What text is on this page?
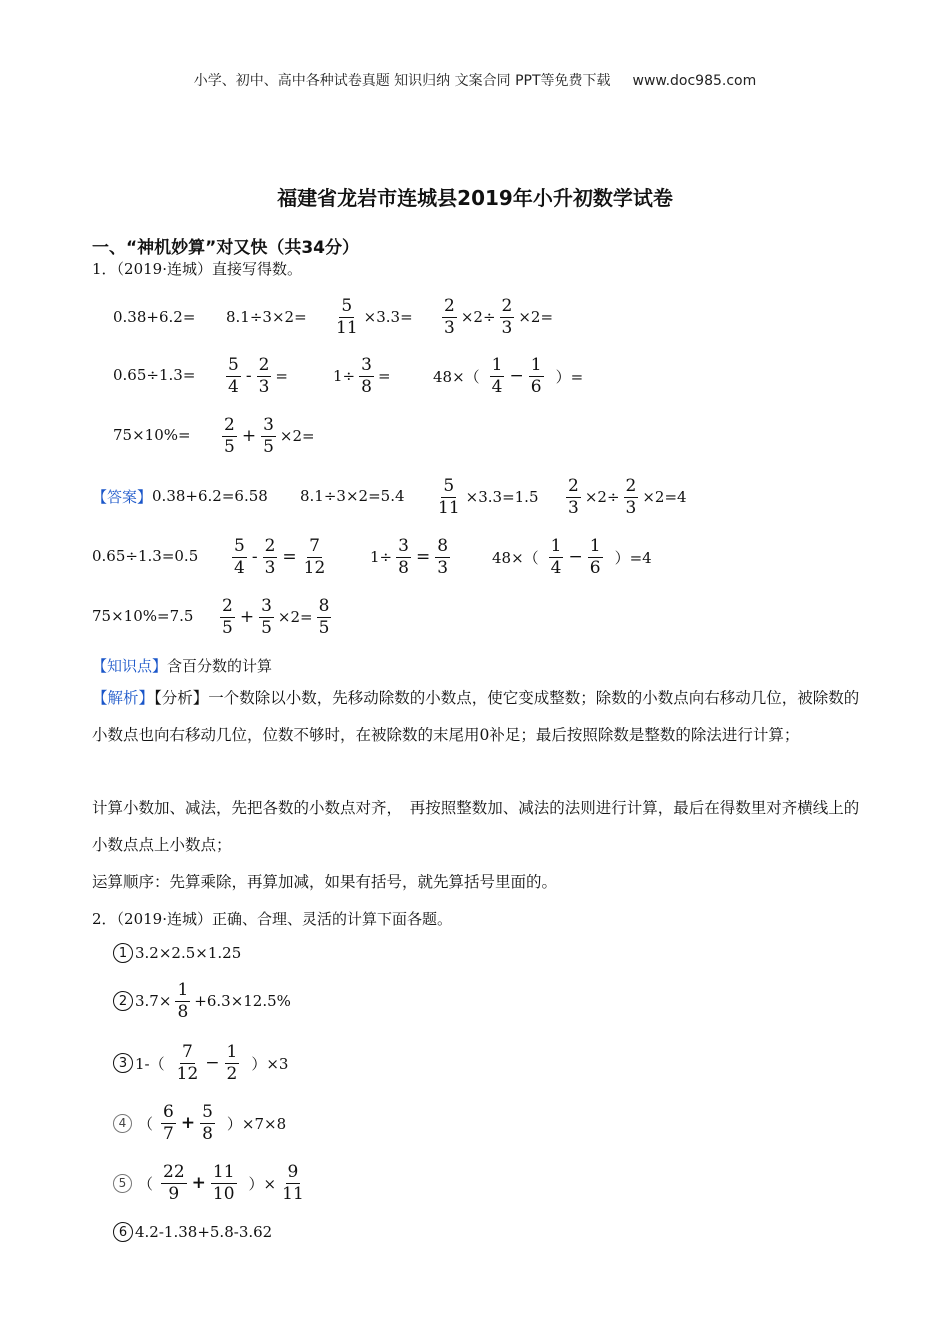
小学、初中、高中各种试卷真题 知识归纳 文案合同 PPT等免费下载 www.doc985.com
福建省龙岩市连城县2019年小升初数学试卷
一、“神机妙算”对又快（共34分）
1．（2019·连城）直接写得数。
$0.38+6.2= 8.1\div 3\times 2= \frac{5}{11} \times 3.3= \frac{2}{3} \times 2\div \frac{2}{3} \times 2=$
$0.65\div 1.3= \frac{5}{4} - \frac{2}{3}$ =	$1\div \frac{3}{8}$ =	$48\times( \frac{1}{4} - \frac{1}{6}$ ）=
$75\times 10\%= \frac{2}{5} + \frac{3}{5} \times 2=$
【答案】 0.38+6.2=6.58 $8.1\div 3\times 2=5.4 \frac{5}{11} \times 3.3=1.5 \frac{2}{3} \times 2\div \frac{2}{3} \times 2=4$
$0.65\div 1.3=0.5 \frac{5}{4} - \frac{2}{3} = \frac{7}{12}$	$1\div \frac{3}{8} = \frac{8}{3}$	$48\times( \frac{1}{4} - \frac{1}{6} )=4$
$75\times 10\%=7.5 \frac{2}{5} + \frac{3}{5} \times 2= \frac{8}{5}$
【知识点】含百分数的计算
【解析】【分析】一个数除以小数，先移动除数的小数点，使它变成整数；除数的小数点向右移动几位，被除数的小数点也向右移动几位，位数不够时，在被除数的末尾用0补足；最后按照除数是整数的除法进行计算；
计算小数加、减法，先把各数的小数点对齐，　再按照整数加、减法的法则进行计算，最后在得数里对齐横线上的小数点点上小数点；
运算顺序：先算乘除，再算加减，如果有括号，就先算括号里面的。
2．（2019·连城）正确、合理、灵活的计算下面各题。
1 3.2×2.5×1.25
2 $3.7\times \frac{1}{8} +6.3\times 12.5\%$
3 $1-( \frac{7}{12} - \frac{1}{2} )\times 3$
4 （ $\frac{6}{7} + \frac{5}{8} )\times 7\times 8$
5 （ $\frac{22}{9} + \frac{11}{10}$ ）× $\frac{9}{11}$
6 4.2-1.38+5.8-3.62
